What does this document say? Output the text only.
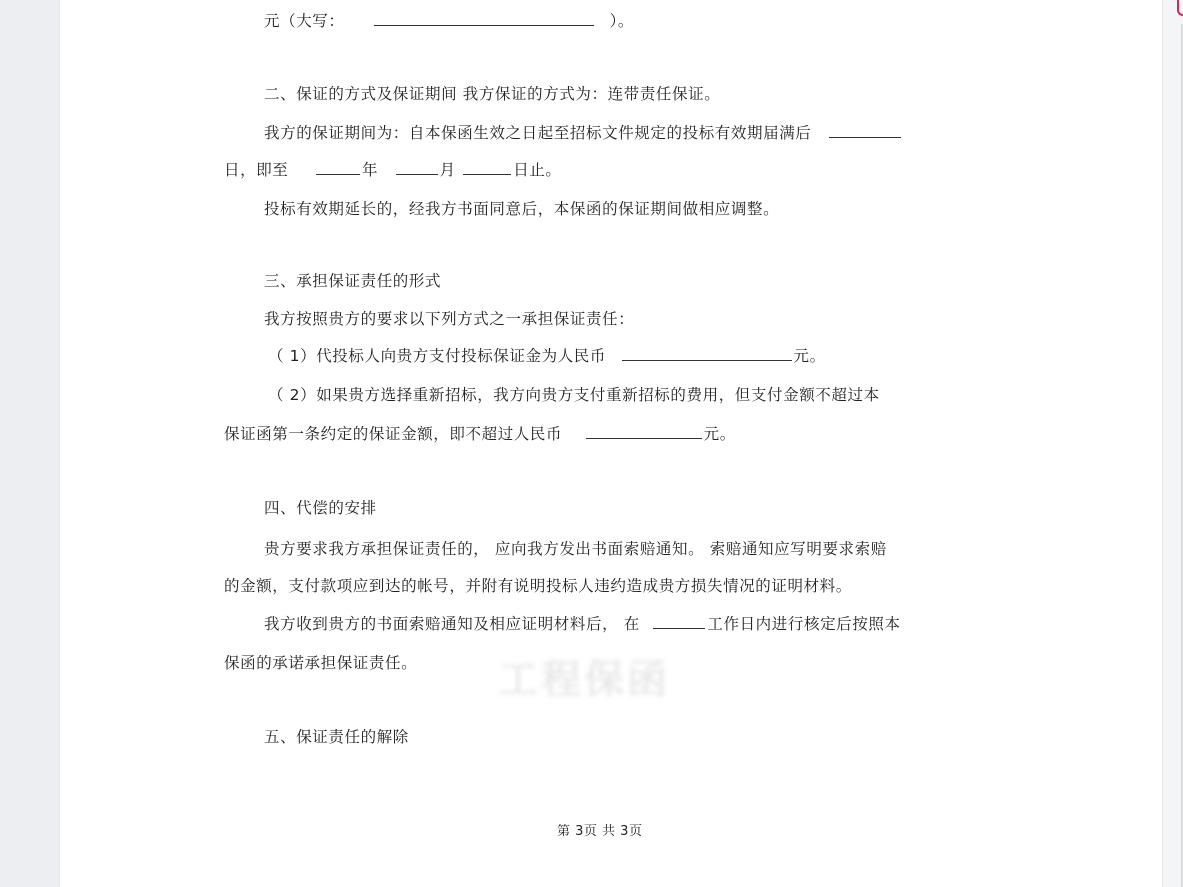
元（大写：	）。
二、保证的方式及保证期间 我方保证的方式为：连带责任保证。
我方的保证期间为：自本保函生效之日起至招标文件规定的投标有效期届满后
日，即至	年	月	日止。
投标有效期延长的，经我方书面同意后，本保函的保证期间做相应调整。
三、承担保证责任的形式
我方按照贵方的要求以下列方式之一承担保证责任：
（ 1）代投标人向贵方支付投标保证金为人民币	元。
（ 2）如果贵方选择重新招标，我方向贵方支付重新招标的费用，但支付金额不超过本
保证函第一条约定的保证金额，即不超过人民币	元。
四、代偿的安排
贵方要求我方承担保证责任的， 应向我方发出书面索赔通知。 索赔通知应写明要求索赔
的金额，支付款项应到达的帐号，并附有说明投标人违约造成贵方损失情况的证明材料。
我方收到贵方的书面索赔通知及相应证明材料后， 在	工作日内进行核定后按照本
保函的承诺承担保证责任。
五、保证责任的解除
第 3页 共 3页
工程保函
